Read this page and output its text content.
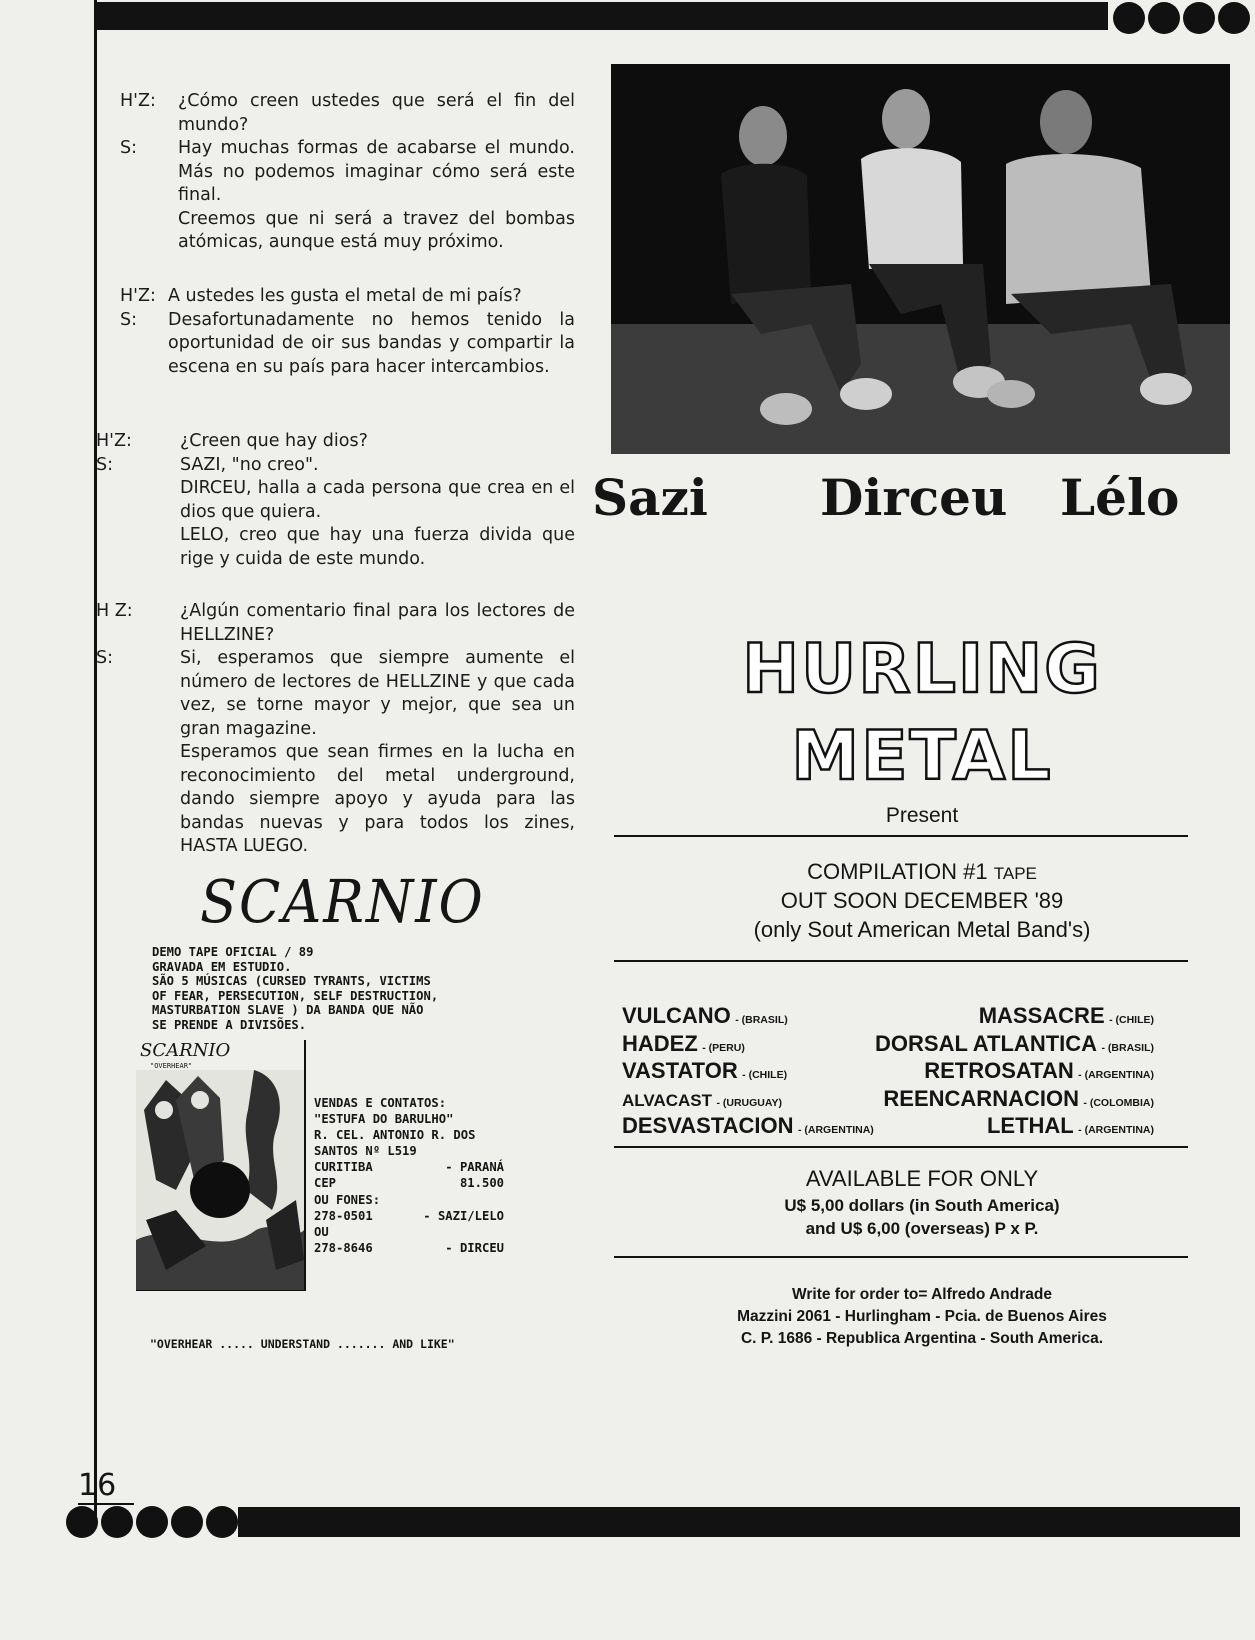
16
H'Z:	¿Cómo creen ustedes que será el fin del mundo?

S:	Hay muchas formas de acabarse el mundo. Más no podemos imaginar cómo será este final.

Creemos que ni será a travez del bombas atómicas, aunque está muy próximo.

H'Z: A ustedes les gusta el metal de mi país?

S:	Desafortunadamente no hemos tenido la oportunidad de oir sus bandas y compartir la escena en su país para hacer intercambios.

H'Z:	¿Creen que hay dios?

S:	SAZI, "no creo".

DIRCEU, halla a cada persona que crea en el dios que quiera.

LELO, creo que hay una fuerza divida que rige y cuida de este mundo.

H Z:	¿Algún comentario final para los lectores de HELLZINE?

S:	Si, esperamos que siempre aumente el número de lectores de HELLZINE y que cada vez, se torne mayor y mejor, que sea un gran magazine.

Esperamos que sean firmes en la lucha en reconocimiento del metal underground, dando siempre apoyo y ayuda para las bandas nuevas y para todos los zines, HASTA LUEGO.

SCARNIO
DEMO TAPE OFICIAL / 89
GRAVADA EM ESTUDIO.
SÃO 5 MÚSICAS (CURSED TYRANTS, VICTIMS
OF FEAR, PERSECUTION, SELF DESTRUCTION,
MASTURBATION SLAVE ) DA BANDA QUE NÃO
SE PRENDE A DIVISÕES.
SCARNIO
"OVERHEAR"
VENDAS E CONTATOS:
"ESTUFA DO BARULHO"
R. CEL. ANTONIO R. DOS
SANTOS Nº L519
CURITIBA	- PARANÁ
CEP	81.500
OU FONES:
278-0501	- SAZI/LELO
OU
278-8646	- DIRCEU
"OVERHEAR ..... UNDERSTAND ....... AND LIKE"
Sazi Dirceu Lélo
HURLING
METAL
Present
COMPILATION #1 TAPE
OUT SOON DECEMBER '89
(only Sout American Metal Band's)
VULCANO - (BRASIL)	MASSACRE - (CHILE)
HADEZ - (PERU)	DORSAL ATLANTICA - (BRASIL)
VASTATOR - (CHILE)	RETROSATAN - (ARGENTINA)
ALVACAST - (URUGUAY)	REENCARNACION - (COLOMBIA)
DESVASTACION - (ARGENTINA)	LETHAL - (ARGENTINA)
AVAILABLE FOR ONLY
U$ 5,00 dollars (in South America)
and U$ 6,00 (overseas) P x P.
Write for order to= Alfredo Andrade
Mazzini 2061 - Hurlingham - Pcia. de Buenos Aires
C. P. 1686 - Republica Argentina - South America.
